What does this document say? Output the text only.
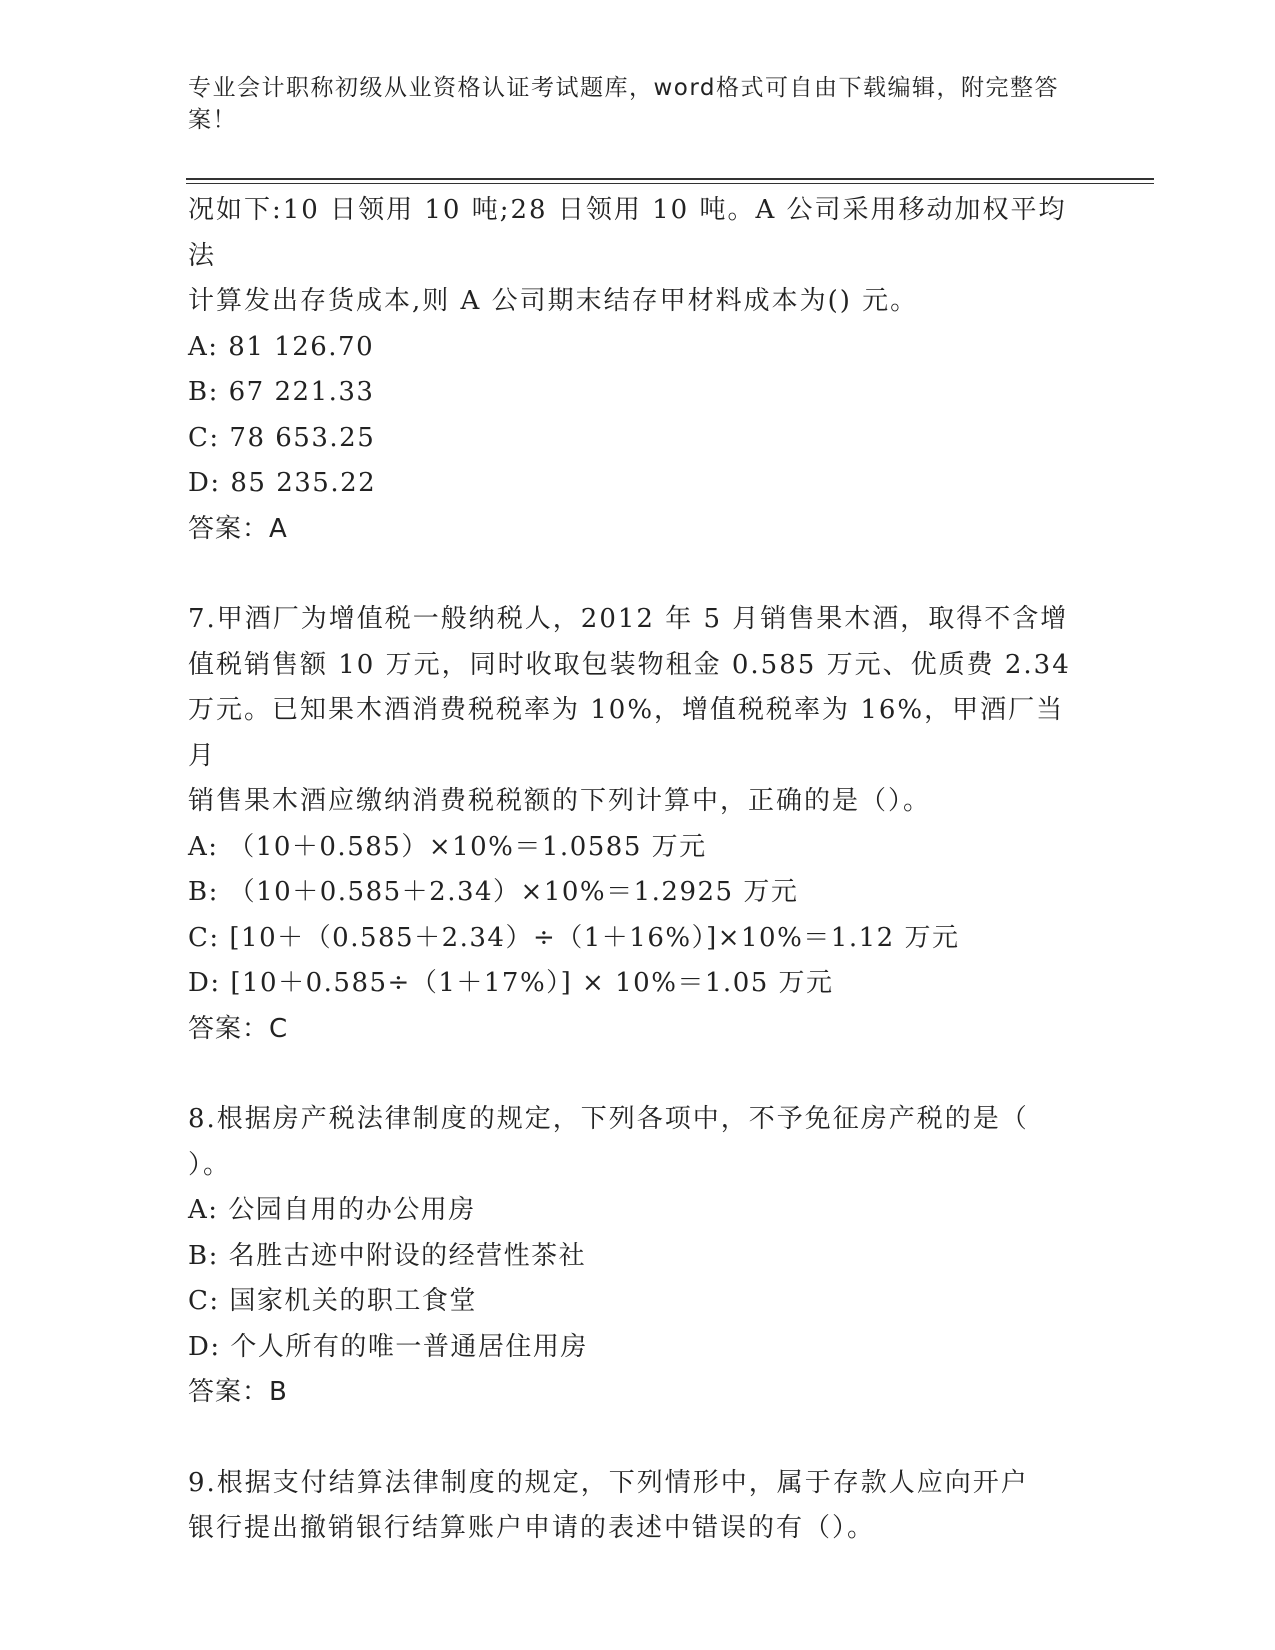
专业会计职称初级从业资格认证考试题库，word格式可自由下载编辑，附完整答案！
况如下:10 日领用 10 吨;28 日领用 10 吨。A 公司采用移动加权平均法
计算发出存货成本,则 A 公司期末结存甲材料成本为() 元。
A: 81 126.70
B: 67 221.33
C: 78 653.25
D: 85 235.22
答案：A
7.甲酒厂为增值税一般纳税人，2012 年 5 月销售果木酒，取得不含增
值税销售额 10 万元，同时收取包装物租金 0.585 万元、优质费 2.34
万元。已知果木酒消费税税率为 10%，增值税税率为 16%，甲酒厂当月
销售果木酒应缴纳消费税税额的下列计算中，正确的是（）。
A: （10＋0.585）×10%＝1.0585 万元
B: （10＋0.585＋2.34）×10%＝1.2925 万元
C: [10＋（0.585＋2.34）÷（1＋16%）]×10%＝1.12 万元
D: [10＋0.585÷（1＋17%）] × 10%＝1.05 万元
答案：C
8.根据房产税法律制度的规定，下列各项中，不予免征房产税的是（
）。
A: 公园自用的办公用房
B: 名胜古迹中附设的经营性茶社
C: 国家机关的职工食堂
D: 个人所有的唯一普通居住用房
答案：B
9.根据支付结算法律制度的规定，下列情形中，属于存款人应向开户
银行提出撤销银行结算账户申请的表述中错误的有（）。
